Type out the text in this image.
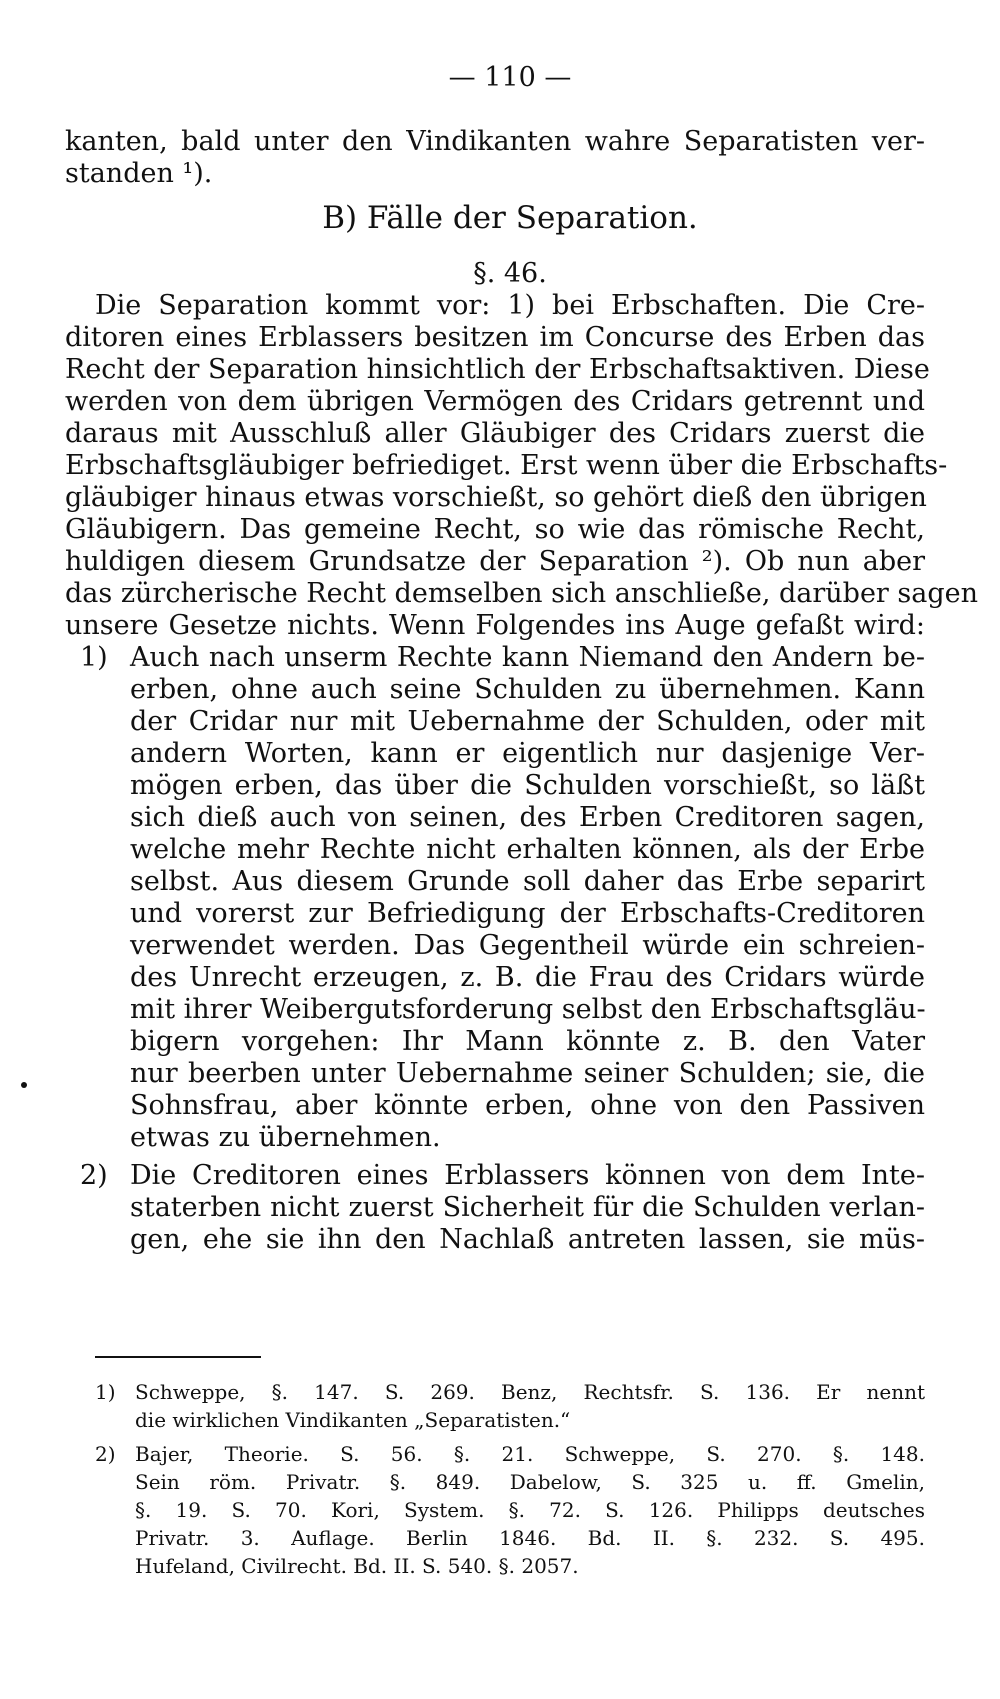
— 110 —
kanten, bald unter den Vindikanten wahre Separatisten ver-
standen ¹).
B) Fälle der Separation.
§. 46.
Die Separation kommt vor: 1) bei Erbschaften. Die Cre-
ditoren eines Erblassers besitzen im Concurse des Erben das
Recht der Separation hinsichtlich der Erbschaftsaktiven. Diese
werden von dem übrigen Vermögen des Cridars getrennt und
daraus mit Ausschluß aller Gläubiger des Cridars zuerst die
Erbschaftsgläubiger befriediget. Erst wenn über die Erbschafts-
gläubiger hinaus etwas vorschießt, so gehört dieß den übrigen
Gläubigern. Das gemeine Recht, so wie das römische Recht,
huldigen diesem Grundsatze der Separation ²). Ob nun aber
das zürcherische Recht demselben sich anschließe, darüber sagen
unsere Gesetze nichts. Wenn Folgendes ins Auge gefaßt wird:
1) Auch nach unserm Rechte kann Niemand den Andern be-
erben, ohne auch seine Schulden zu übernehmen. Kann
der Cridar nur mit Uebernahme der Schulden, oder mit
andern Worten, kann er eigentlich nur dasjenige Ver-
mögen erben, das über die Schulden vorschießt, so läßt
sich dieß auch von seinen, des Erben Creditoren sagen,
welche mehr Rechte nicht erhalten können, als der Erbe
selbst. Aus diesem Grunde soll daher das Erbe separirt
und vorerst zur Befriedigung der Erbschafts-Creditoren
verwendet werden. Das Gegentheil würde ein schreien-
des Unrecht erzeugen, z. B. die Frau des Cridars würde
mit ihrer Weibergutsforderung selbst den Erbschaftsgläu-
bigern vorgehen: Ihr Mann könnte z. B. den Vater
nur beerben unter Uebernahme seiner Schulden; sie, die
Sohnsfrau, aber könnte erben, ohne von den Passiven
etwas zu übernehmen.
2) Die Creditoren eines Erblassers können von dem Inte-
staterben nicht zuerst Sicherheit für die Schulden verlan-
gen, ehe sie ihn den Nachlaß antreten lassen, sie müs-
1) Schweppe, §. 147. S. 269. Benz, Rechtsfr. S. 136. Er nennt
die wirklichen Vindikanten „Separatisten.“
2) Bajer, Theorie. S. 56. §. 21. Schweppe, S. 270. §. 148.
Sein röm. Privatr. §. 849. Dabelow, S. 325 u. ff. Gmelin,
§. 19. S. 70. Kori, System. §. 72. S. 126. Philipps deutsches
Privatr. 3. Auflage. Berlin 1846. Bd. II. §. 232. S. 495.
Hufeland, Civilrecht. Bd. II. S. 540. §. 2057.
